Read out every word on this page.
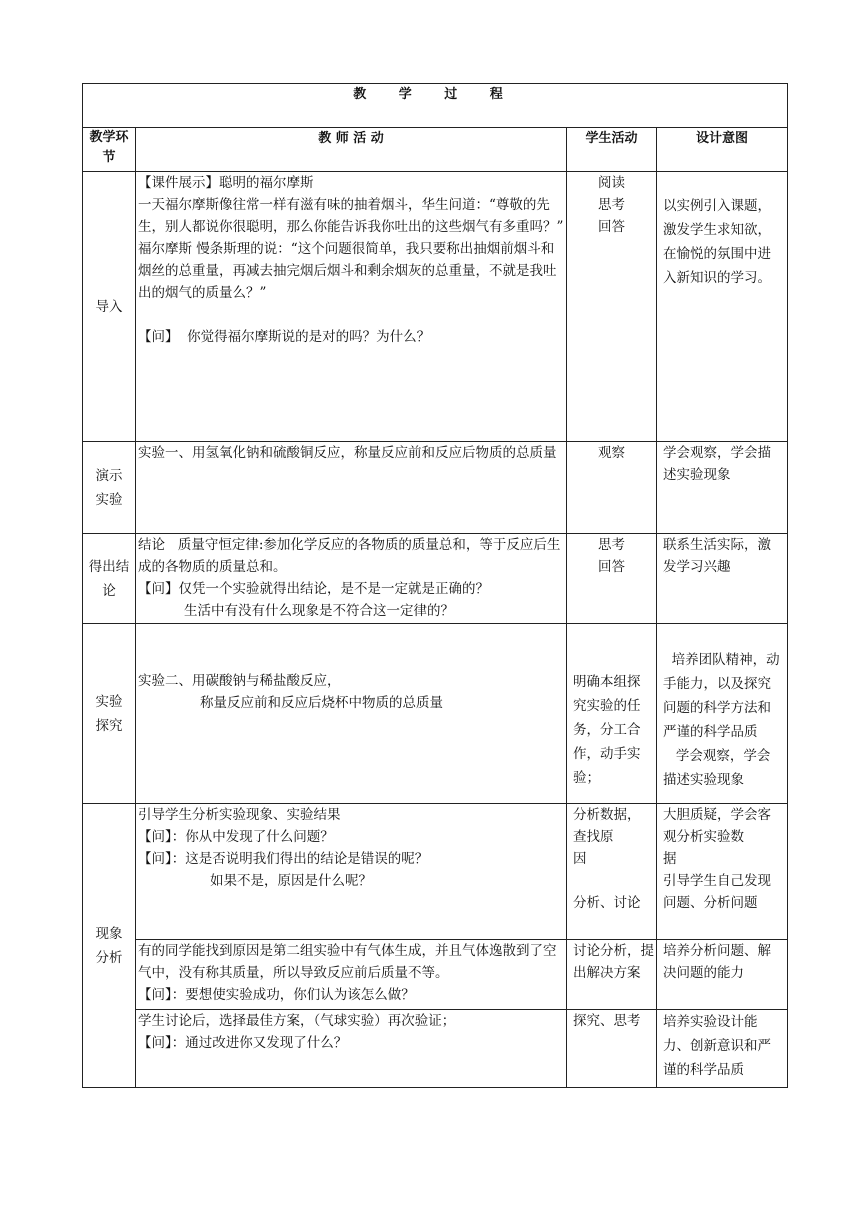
教 学 过 程			
教学环节	教 师 活 动	学生活动	设计意图
导入	【课件展示】聪明的福尔摩斯
一天福尔摩斯像往常一样有滋有味的抽着烟斗，华生问道：“尊敬的先生，别人都说你很聪明，那么你能告诉我你吐出的这些烟气有多重吗？”
福尔摩斯 慢条斯理的说：“这个问题很简单，我只要称出抽烟前烟斗和烟丝的总重量，再减去抽完烟后烟斗和剩余烟灰的总重量，不就是我吐出的烟气的质量么？”
【问】  你觉得福尔摩斯说的是对的吗？为什么？	阅读
思考
回答	以实例引入课题，激发学生求知欲，在愉悦的氛围中进入新知识的学习。

演示
实验	实验一、用氢氧化钠和硫酸铜反应，称量反应前和反应后物质的总质量	观察	学会观察，学会描述实验现象

得出结
论	结论   质量守恒定律:参加化学反应的各物质的质量总和，等于反应后生成的各物质的质量总和。
【问】仅凭一个实验就得出结论，是不是一定就是正确的？
生活中有没有什么现象是不符合这一定律的？	思考
回答	联系生活实际，激发学习兴趣

实验
探究	实验二、用碳酸钠与稀盐酸反应，
称量反应前和反应后烧杯中物质的总质量	明确本组探究实验的任务，分工合作，动手实验；	培养团队精神，动手能力，以及探究问题的科学方法和严谨的科学品质
学会观察，学会描述实验现象

现象
分析	引导学生分析实验现象、实验结果
【问】：你从中发现了什么问题？
【问】：这是否说明我们得出的结论是错误的呢？
如果不是，原因是什么呢？	分析数据，
查找原
因
分析、讨论	大胆质疑，学会客观分析实验数
据
引导学生自己发现问题、分析问题

	有的同学能找到原因是第二组实验中有气体生成，并且气体逸散到了空气中，没有称其质量，所以导致反应前后质量不等。
【问】：要想使实验成功，你们认为该怎么做？	讨论分析，提出解决方案	培养分析问题、解决问题的能力

	学生讨论后，选择最佳方案，（气球实验）再次验证；
【问】：通过改进你又发现了什么？	探究、思考	培养实验设计能力、创新意识和严谨的科学品质
